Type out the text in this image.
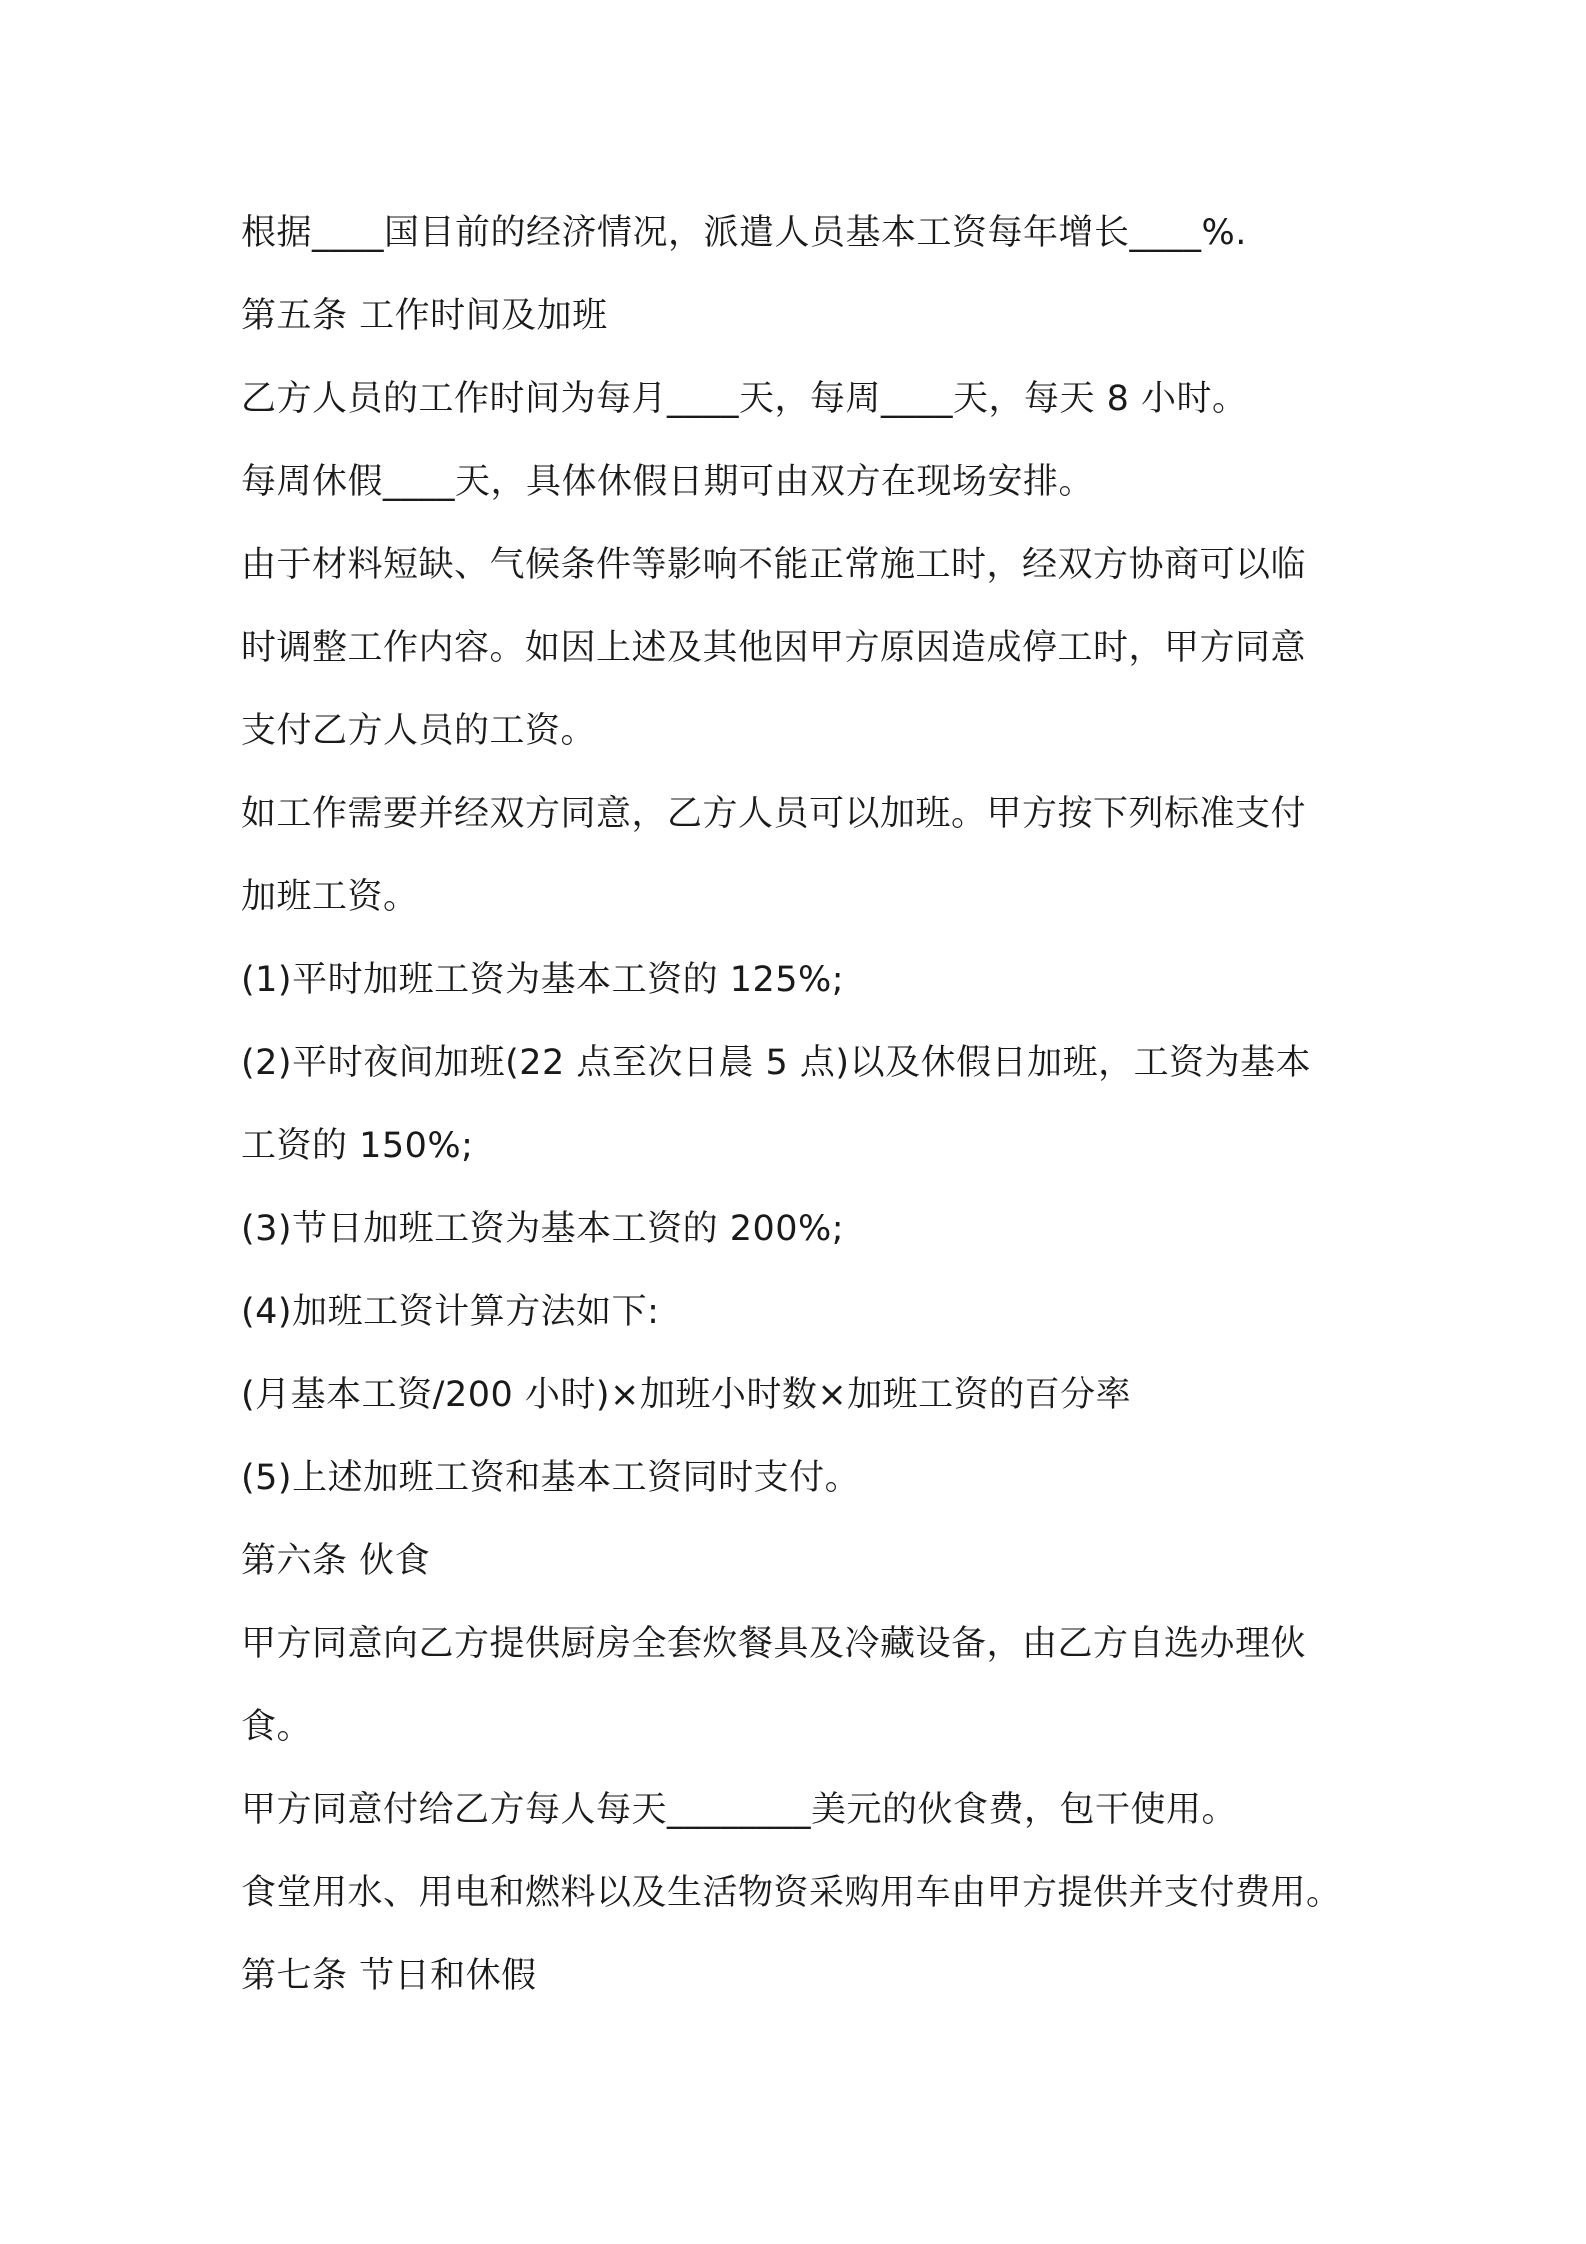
根据____国目前的经济情况，派遣人员基本工资每年增长____%.
第五条 工作时间及加班
乙方人员的工作时间为每月____天，每周____天，每天 8 小时。
每周休假____天，具体休假日期可由双方在现场安排。
由于材料短缺、气候条件等影响不能正常施工时，经双方协商可以临
时调整工作内容。如因上述及其他因甲方原因造成停工时，甲方同意
支付乙方人员的工资。
如工作需要并经双方同意，乙方人员可以加班。甲方按下列标准支付
加班工资。
(1)平时加班工资为基本工资的 125%;
(2)平时夜间加班(22 点至次日晨 5 点)以及休假日加班，工资为基本
工资的 150%;
(3)节日加班工资为基本工资的 200%;
(4)加班工资计算方法如下:
(月基本工资/200 小时)×加班小时数×加班工资的百分率
(5)上述加班工资和基本工资同时支付。
第六条 伙食
甲方同意向乙方提供厨房全套炊餐具及冷藏设备，由乙方自选办理伙
食。
甲方同意付给乙方每人每天________美元的伙食费，包干使用。
食堂用水、用电和燃料以及生活物资采购用车由甲方提供并支付费用。
第七条 节日和休假
